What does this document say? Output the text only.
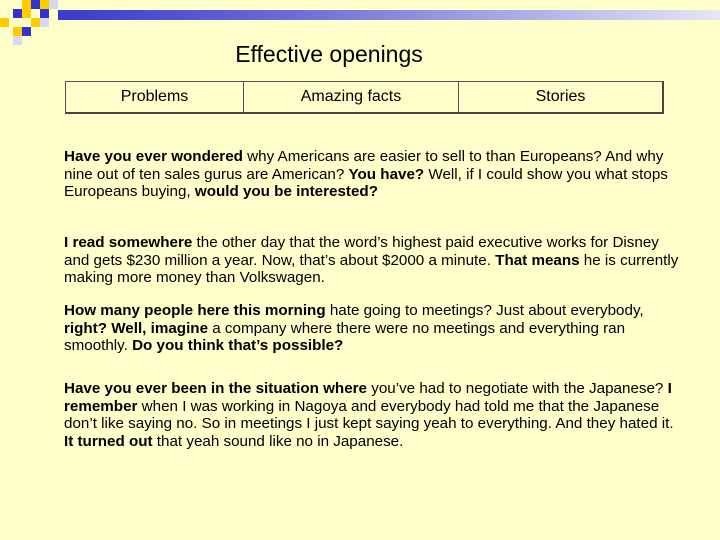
Effective openings
Problems	Amazing facts	Stories

Have you ever wondered why Americans are easier to sell to than Europeans? And why nine out of ten sales gurus are American? You have? Well, if I could show you what stops Europeans buying, would you be interested?

I read somewhere the other day that the word’s highest paid executive works for Disney and gets $230 million a year. Now, that’s about $2000 a minute. That means he is currently making more money than Volkswagen.

How many people here this morning hate going to meetings? Just about everybody, right? Well, imagine a company where there were no meetings and everything ran smoothly. Do you think that’s possible?

Have you ever been in the situation where you’ve had to negotiate with the Japanese? I remember when I was working in Nagoya and everybody had told me that the Japanese don’t like saying no. So in meetings I just kept saying yeah to everything. And they hated it. It turned out that yeah sound like no in Japanese.
